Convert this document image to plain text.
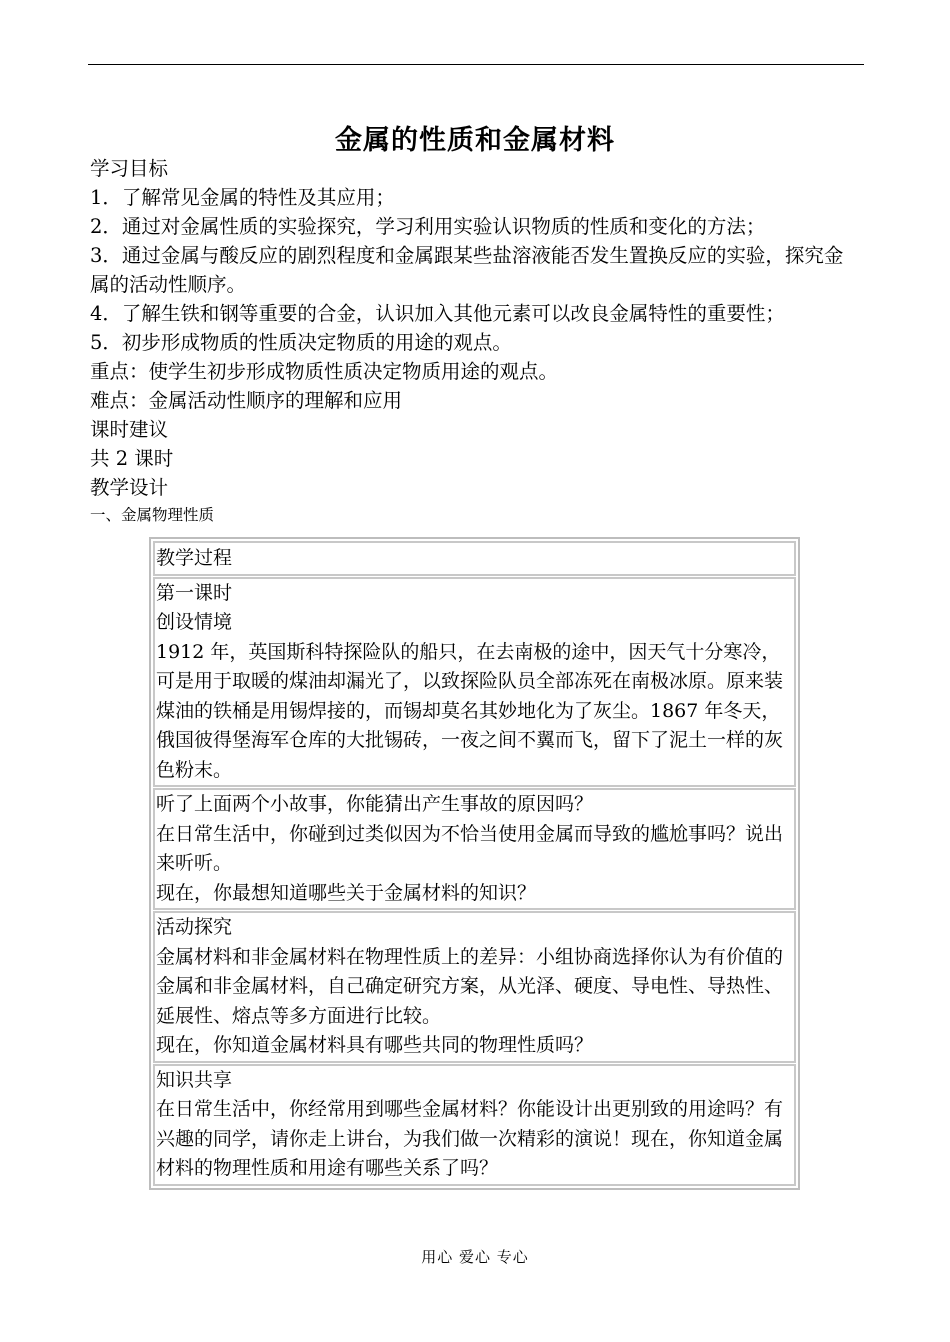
金属的性质和金属材料
学习目标
1．了解常见金属的特性及其应用；
2．通过对金属性质的实验探究，学习利用实验认识物质的性质和变化的方法；
3．通过金属与酸反应的剧烈程度和金属跟某些盐溶液能否发生置换反应的实验，探究金属的活动性顺序。
4．了解生铁和钢等重要的合金，认识加入其他元素可以改良金属特性的重要性；
5．初步形成物质的性质决定物质的用途的观点。
重点：使学生初步形成物质性质决定物质用途的观点。
难点：金属活动性顺序的理解和应用
课时建议
共 2 课时
教学设计
一、金属物理性质

教学过程

第一课时

创设情境

1912 年，英国斯科特探险队的船只，在去南极的途中，因天气十分寒冷，可是用于取暖的煤油却漏光了，以致探险队员全部冻死在南极冰原。原来装煤油的铁桶是用锡焊接的，而锡却莫名其妙地化为了灰尘。1867 年冬天，俄国彼得堡海军仓库的大批锡砖，一夜之间不翼而飞，留下了泥土一样的灰色粉末。

听了上面两个小故事，你能猜出产生事故的原因吗？

在日常生活中，你碰到过类似因为不恰当使用金属而导致的尴尬事吗？说出来听听。

现在，你最想知道哪些关于金属材料的知识？

活动探究

金属材料和非金属材料在物理性质上的差异：小组协商选择你认为有价值的金属和非金属材料，自己确定研究方案，从光泽、硬度、导电性、导热性、延展性、熔点等多方面进行比较。

现在，你知道金属材料具有哪些共同的物理性质吗？

知识共享

在日常生活中，你经常用到哪些金属材料？你能设计出更别致的用途吗？有兴趣的同学，请你走上讲台，为我们做一次精彩的演说！现在，你知道金属材料的物理性质和用途有哪些关系了吗？

用心 爱心 专心
